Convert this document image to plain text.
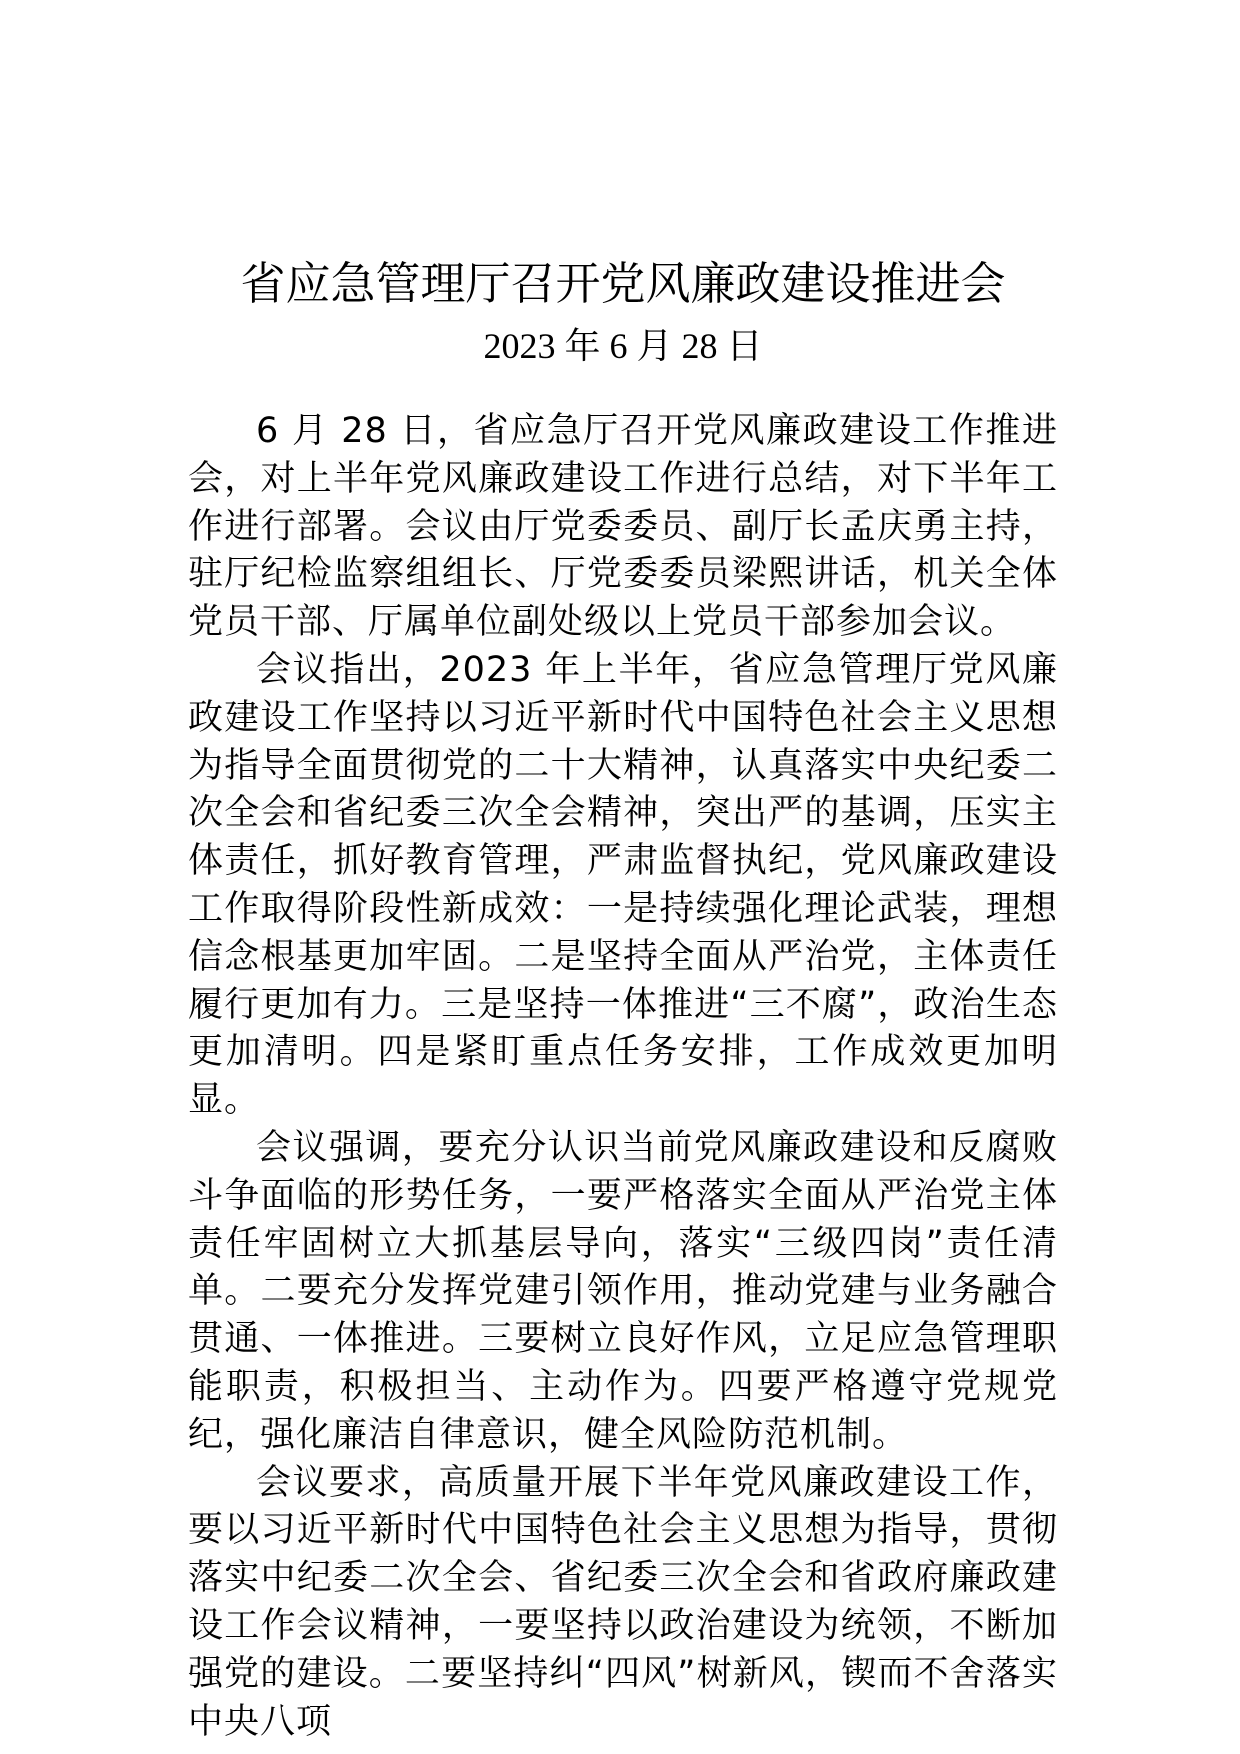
省应急管理厅召开党风廉政建设推进会
2023 年 6 月 28 日

6 月 28 日，省应急厅召开党风廉政建设工作推进会，对上半年党风廉政建设工作进行总结，对下半年工作进行部署。会议由厅党委委员、副厅长孟庆勇主持，驻厅纪检监察组组长、厅党委委员梁熙讲话，机关全体党员干部、厅属单位副处级以上党员干部参加会议。

会议指出，2023 年上半年，省应急管理厅党风廉政建设工作坚持以习近平新时代中国特色社会主义思想为指导全面贯彻党的二十大精神，认真落实中央纪委二次全会和省纪委三次全会精神，突出严的基调，压实主体责任，抓好教育管理，严肃监督执纪，党风廉政建设工作取得阶段性新成效：一是持续强化理论武装，理想信念根基更加牢固。二是坚持全面从严治党，主体责任履行更加有力。三是坚持一体推进“三不腐”，政治生态更加清明。四是紧盯重点任务安排，工作成效更加明显。

会议强调，要充分认识当前党风廉政建设和反腐败斗争面临的形势任务，一要严格落实全面从严治党主体责任牢固树立大抓基层导向，落实“三级四岗”责任清单。二要充分发挥党建引领作用，推动党建与业务融合贯通、一体推进。三要树立良好作风，立足应急管理职能职责，积极担当、主动作为。四要严格遵守党规党纪，强化廉洁自律意识，健全风险防范机制。

会议要求，高质量开展下半年党风廉政建设工作，要以习近平新时代中国特色社会主义思想为指导，贯彻落实中纪委二次全会、省纪委三次全会和省政府廉政建设工作会议精神，一要坚持以政治建设为统领，不断加强党的建设。二要坚持纠“四风”树新风，锲而不舍落实中央八项
